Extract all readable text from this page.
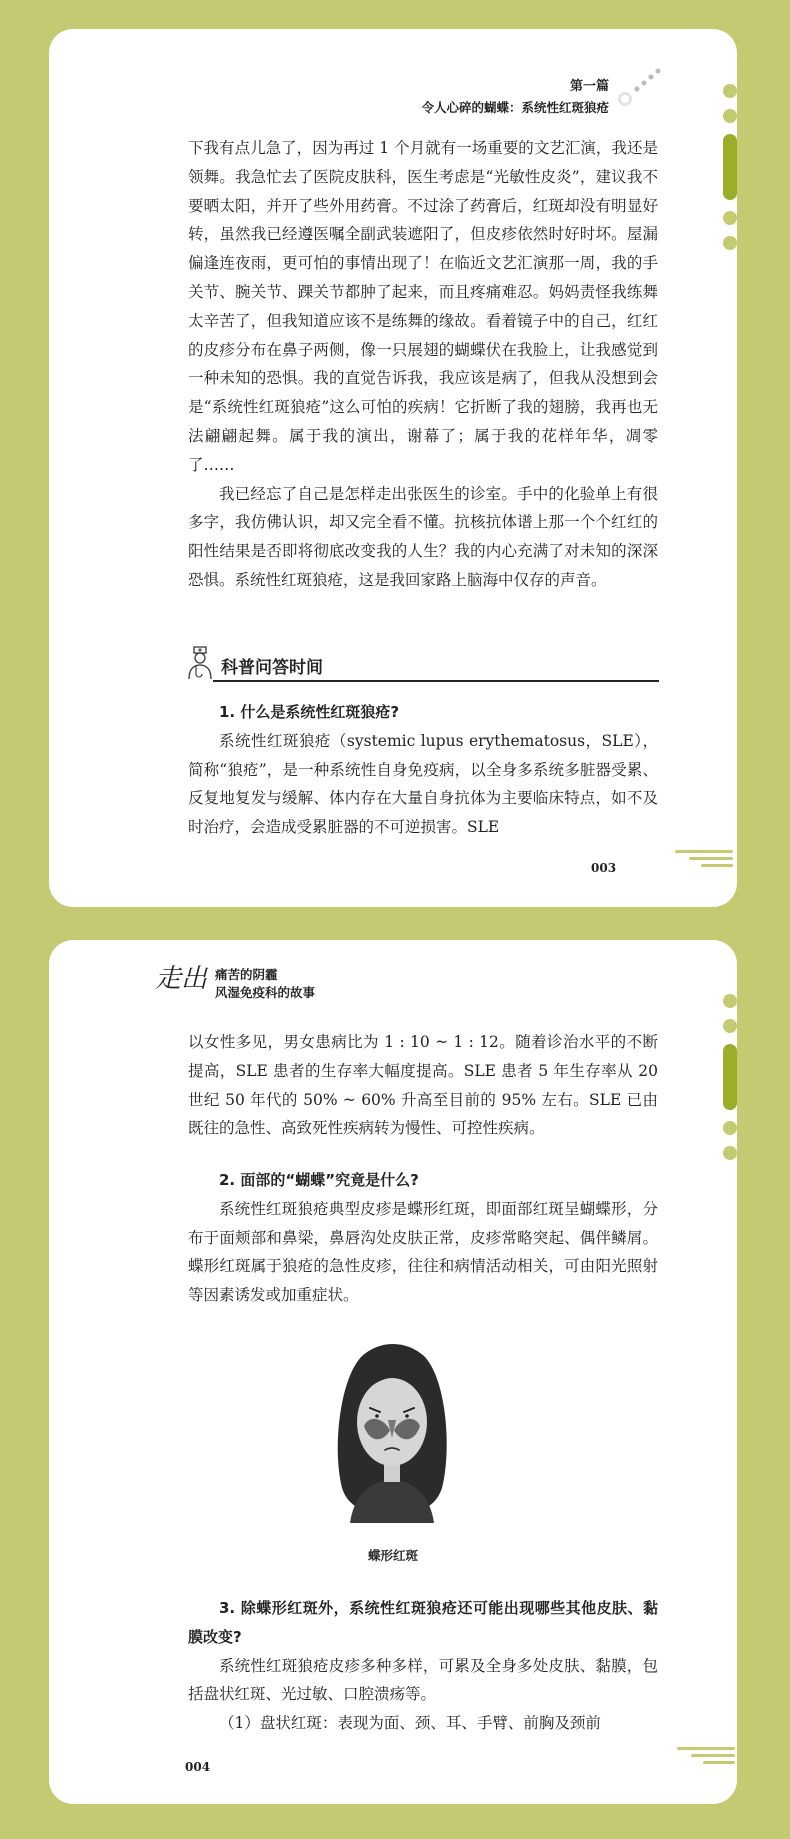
第一篇
令人心碎的蝴蝶：系统性红斑狼疮

下我有点儿急了，因为再过 1 个月就有一场重要的文艺汇演，我还是领舞。我急忙去了医院皮肤科，医生考虑是“光敏性皮炎”，建议我不要晒太阳，并开了些外用药膏。不过涂了药膏后，红斑却没有明显好转，虽然我已经遵医嘱全副武装遮阳了，但皮疹依然时好时坏。屋漏偏逢连夜雨，更可怕的事情出现了！在临近文艺汇演那一周，我的手关节、腕关节、踝关节都肿了起来，而且疼痛难忍。妈妈责怪我练舞太辛苦了，但我知道应该不是练舞的缘故。看着镜子中的自己，红红的皮疹分布在鼻子两侧，像一只展翅的蝴蝶伏在我脸上，让我感觉到一种未知的恐惧。我的直觉告诉我，我应该是病了，但我从没想到会是“系统性红斑狼疮”这么可怕的疾病！它折断了我的翅膀，我再也无法翩翩起舞。属于我的演出，谢幕了；属于我的花样年华，凋零了……

我已经忘了自己是怎样走出张医生的诊室。手中的化验单上有很多字，我仿佛认识，却又完全看不懂。抗核抗体谱上那一个个红红的阳性结果是否即将彻底改变我的人生？我的内心充满了对未知的深深恐惧。系统性红斑狼疮，这是我回家路上脑海中仅存的声音。

科普问答时间

1. 什么是系统性红斑狼疮?

系统性红斑狼疮（systemic lupus erythematosus，SLE），简称“狼疮”，是一种系统性自身免疫病，以全身多系统多脏器受累、反复地复发与缓解、体内存在大量自身抗体为主要临床特点，如不及时治疗，会造成受累脏器的不可逆损害。SLE

003
走出 痛苦的阴霾
风湿免疫科的故事

以女性多见，男女患病比为 1 : 10 ~ 1 : 12。随着诊治水平的不断提高，SLE 患者的生存率大幅度提高。SLE 患者 5 年生存率从 20 世纪 50 年代的 50% ~ 60% 升高至目前的 95% 左右。SLE 已由既往的急性、高致死性疾病转为慢性、可控性疾病。

2. 面部的“蝴蝶”究竟是什么?

系统性红斑狼疮典型皮疹是蝶形红斑，即面部红斑呈蝴蝶形，分布于面颊部和鼻梁，鼻唇沟处皮肤正常，皮疹常略突起、偶伴鳞屑。蝶形红斑属于狼疮的急性皮疹，往往和病情活动相关，可由阳光照射等因素诱发或加重症状。

蝶形红斑

3. 除蝶形红斑外，系统性红斑狼疮还可能出现哪些其他皮肤、黏膜改变?

系统性红斑狼疮皮疹多种多样，可累及全身多处皮肤、黏膜，包括盘状红斑、光过敏、口腔溃疡等。

（1）盘状红斑：表现为面、颈、耳、手臂、前胸及颈前

004
